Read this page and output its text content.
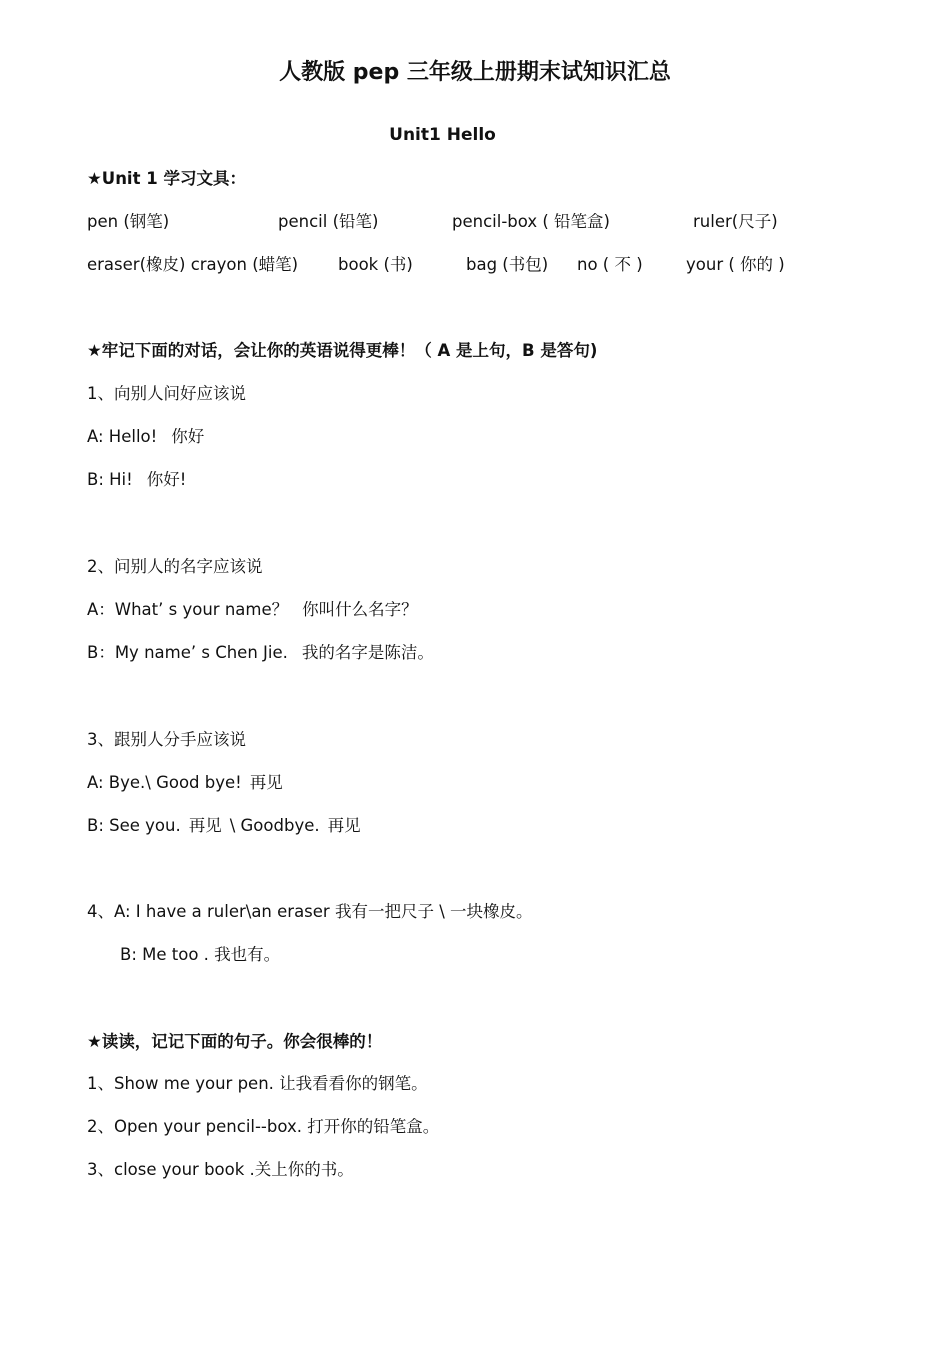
人教版 pep 三年级上册期末试知识汇总
Unit1 Hello
★Unit 1 学习文具：
pen (钢笔)	pencil (铅笔)	pencil-box ( 铅笔盒)	ruler(尺子)
eraser(橡皮) crayon (蜡笔) book (书)	bag (书包) no ( 不 )	your ( 你的 )
★牢记下面的对话，会让你的英语说得更棒！（ A 是上句，B 是答句)
1、向别人问好应该说
A: Hello! 你好
B: Hi! 你好!
2、问别人的名字应该说
A：What’ s your name？ 你叫什么名字？
B：My name’ s Chen Jie. 我的名字是陈洁。
3、跟别人分手应该说
A: Bye.\ Good bye! 再见
B: See you. 再见 \ Goodbye. 再见
4、A: I have a ruler\an eraser 我有一把尺子 \ 一块橡皮。
B: Me too . 我也有。
★读读，记记下面的句子。你会很棒的！
1、Show me your pen. 让我看看你的钢笔。
2、Open your pencil--box. 打开你的铅笔盒。
3、close your book .关上你的书。
